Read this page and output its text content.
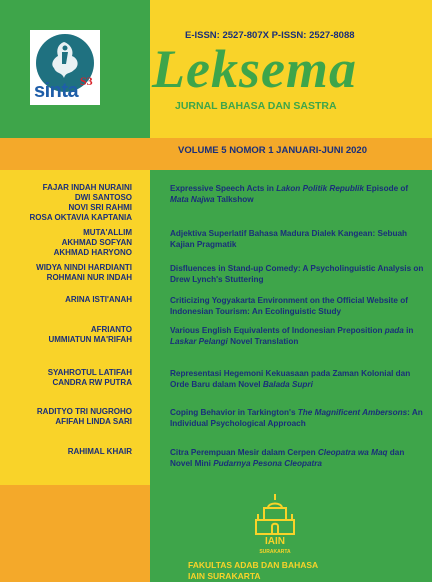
sinta S3
E-ISSN: 2527-807X P-ISSN: 2527-8088
Leksema
JURNAL BAHASA DAN SASTRA
VOLUME 5 NOMOR 1 JANUARI-JUNI 2020
FAJAR INDAH NURAINI
DWI SANTOSO
NOVI SRI RAHMI
ROSA OKTAVIA KAPTANIA
Expressive Speech Acts in Lakon Politik Republik Episode of Mata Najwa Talkshow
MUTA'ALLIM
AKHMAD SOFYAN
AKHMAD HARYONO
Adjektiva Superlatif Bahasa Madura Dialek Kangean: Sebuah Kajian Pragmatik
WIDYA NINDI HARDIANTI
ROHMANI NUR INDAH
Disfluences in Stand-up Comedy: A Psycholinguistic Analysis on Drew Lynch's Stuttering
ARINA ISTI'ANAH	Criticizing Yogyakarta Environment on the Official Website of Indonesian Tourism: An Ecolinguistic Study
AFRIANTO
UMMIATUN MA'RIFAH
Various English Equivalents of Indonesian Preposition pada in Laskar Pelangi Novel Translation
SYAHROTUL LATIFAH
CANDRA RW PUTRA
Representasi Hegemoni Kekuasaan pada Zaman Kolonial dan Orde Baru dalam Novel Balada Supri
RADITYO TRI NUGROHO
AFIFAH LINDA SARI
Coping Behavior in Tarkington's The Magnificent Ambersons: An Individual Psychological Approach
RAHIMAL KHAIR	Citra Perempuan Mesir dalam Cerpen Cleopatra wa Maq dan Novel Mini Pudarnya Pesona Cleopatra
IAIN
SURAKARTA
FAKULTAS ADAB DAN BAHASA
IAIN SURAKARTA
